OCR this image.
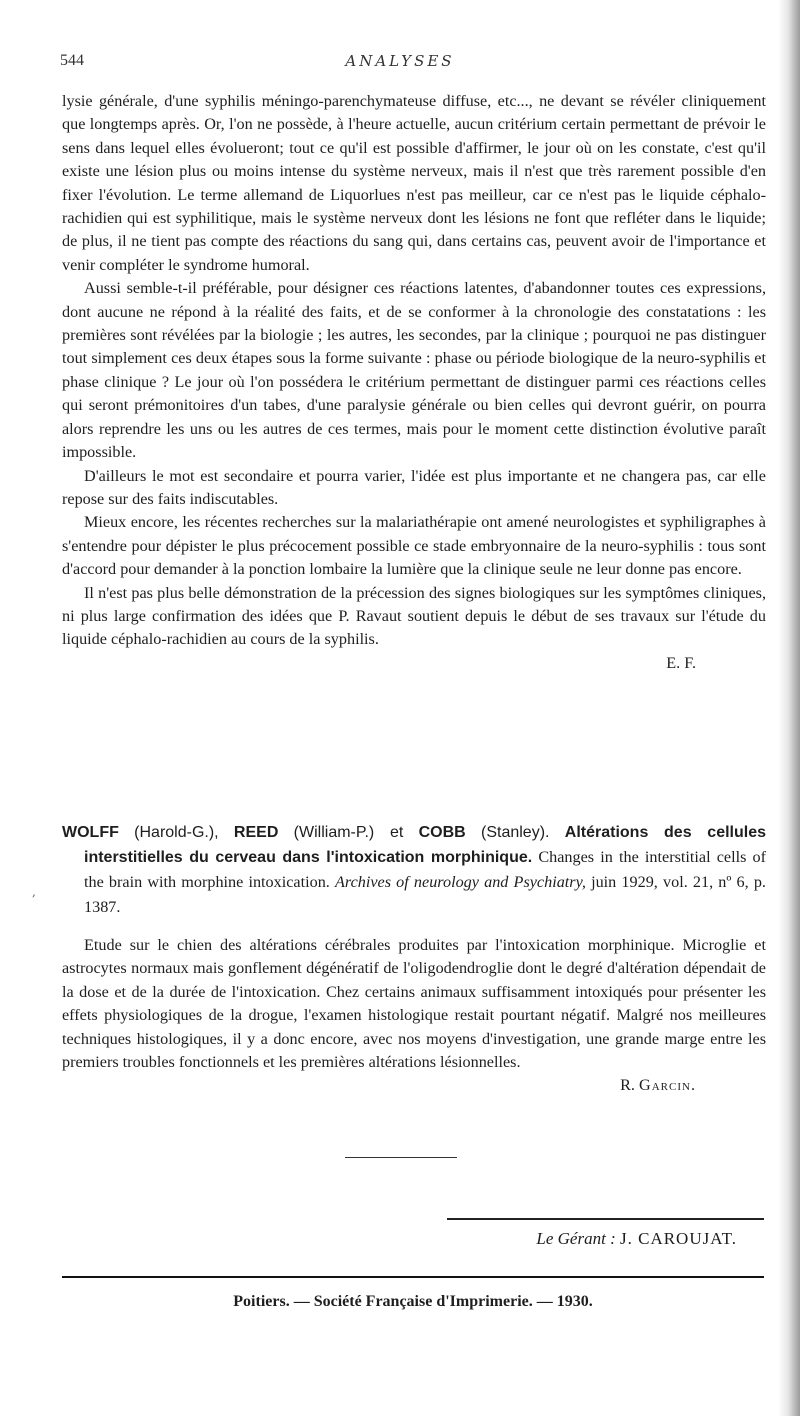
544	ANALYSES

lysie générale, d'une syphilis méningo-parenchymateuse diffuse, etc..., ne devant se révéler cliniquement que longtemps après. Or, l'on ne possède, à l'heure actuelle, aucun critérium certain permettant de prévoir le sens dans lequel elles évolueront; tout ce qu'il est possible d'affirmer, le jour où on les constate, c'est qu'il existe une lésion plus ou moins intense du système nerveux, mais il n'est que très rarement possible d'en fixer l'évolution. Le terme allemand de Liquorlues n'est pas meilleur, car ce n'est pas le liquide céphalo-rachidien qui est syphilitique, mais le système nerveux dont les lésions ne font que refléter dans le liquide; de plus, il ne tient pas compte des réactions du sang qui, dans certains cas, peuvent avoir de l'importance et venir compléter le syndrome humoral.

Aussi semble-t-il préférable, pour désigner ces réactions latentes, d'abandonner toutes ces expressions, dont aucune ne répond à la réalité des faits, et de se conformer à la chronologie des constatations : les premières sont révélées par la biologie ; les autres, les secondes, par la clinique ; pourquoi ne pas distinguer tout simplement ces deux étapes sous la forme suivante : phase ou période biologique de la neuro-syphilis et phase clinique ? Le jour où l'on possédera le critérium permettant de distinguer parmi ces réactions celles qui seront prémonitoires d'un tabes, d'une paralysie générale ou bien celles qui devront guérir, on pourra alors reprendre les uns ou les autres de ces termes, mais pour le moment cette distinction évolutive paraît impossible.

D'ailleurs le mot est secondaire et pourra varier, l'idée est plus importante et ne changera pas, car elle repose sur des faits indiscutables.

Mieux encore, les récentes recherches sur la malariathérapie ont amené neurologistes et syphiligraphes à s'entendre pour dépister le plus précocement possible ce stade embryonnaire de la neuro-syphilis : tous sont d'accord pour demander à la ponction lombaire la lumière que la clinique seule ne leur donne pas encore.

Il n'est pas plus belle démonstration de la précession des signes biologiques sur les symptômes cliniques, ni plus large confirmation des idées que P. Ravaut soutient depuis le début de ses travaux sur l'étude du liquide céphalo-rachidien au cours de la syphilis.

E. F.

,
WOLFF (Harold-G.), REED (William-P.) et COBB (Stanley). Altérations des cellules interstitielles du cerveau dans l'intoxication morphinique. Changes in the interstitial cells of the brain with morphine intoxication. Archives of neurology and Psychiatry, juin 1929, vol. 21, nº 6, p. 1387.

Etude sur le chien des altérations cérébrales produites par l'intoxication morphinique. Microglie et astrocytes normaux mais gonflement dégénératif de l'oligodendroglie dont le degré d'altération dépendait de la dose et de la durée de l'intoxication. Chez certains animaux suffisamment intoxiqués pour présenter les effets physiologiques de la drogue, l'examen histologique restait pourtant négatif. Malgré nos meilleures techniques histologiques, il y a donc encore, avec nos moyens d'investigation, une grande marge entre les premiers troubles fonctionnels et les premières altérations lésionnelles.

R. Garcin.

Le Gérant : J. CAROUJAT.
Poitiers. — Société Française d'Imprimerie. — 1930.
